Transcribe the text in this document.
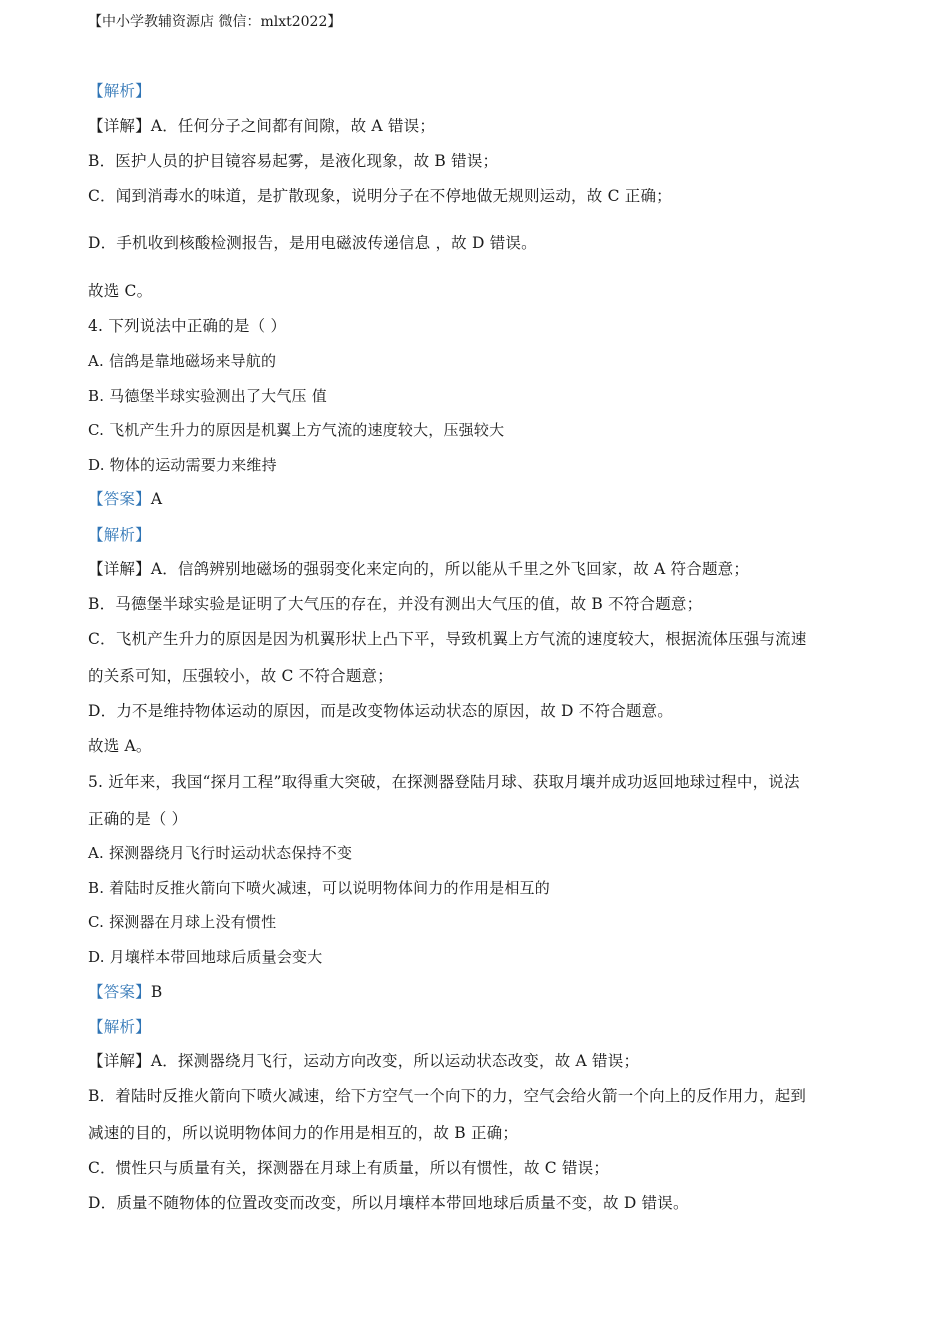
【中小学教辅资源店 微信：mlxt2022】
【解析】
【详解】A．任何分子之间都有间隙，故 A 错误；
B．医护人员的护目镜容易起雾，是液化现象，故 B 错误；
C．闻到消毒水的味道，是扩散现象，说明分子在不停地做无规则运动，故 C 正确；
D．手机收到核酸检测报告，是用电磁波传递信息 ，故 D 错误。
故选 C。
4. 下列说法中正确的是（ ）
A. 信鸽是靠地磁场来导航的
B. 马德堡半球实验测出了大气压 值
C. 飞机产生升力的原因是机翼上方气流的速度较大，压强较大
D. 物体的运动需要力来维持
【答案】A
【解析】
【详解】A．信鸽辨别地磁场的强弱变化来定向的，所以能从千里之外飞回家，故 A 符合题意；
B．马德堡半球实验是证明了大气压的存在，并没有测出大气压的值，故 B 不符合题意；
C．飞机产生升力的原因是因为机翼形状上凸下平，导致机翼上方气流的速度较大，根据流体压强与流速
的关系可知，压强较小，故 C 不符合题意；
D．力不是维持物体运动的原因，而是改变物体运动状态的原因，故 D 不符合题意。
故选 A。
5. 近年来，我国“探月工程”取得重大突破，在探测器登陆月球、获取月壤并成功返回地球过程中，说法
正确的是（ ）
A. 探测器绕月飞行时运动状态保持不变
B. 着陆时反推火箭向下喷火减速，可以说明物体间力的作用是相互的
C. 探测器在月球上没有惯性
D. 月壤样本带回地球后质量会变大
【答案】B
【解析】
【详解】A．探测器绕月飞行，运动方向改变，所以运动状态改变，故 A 错误；
B．着陆时反推火箭向下喷火减速，给下方空气一个向下的力，空气会给火箭一个向上的反作用力，起到
减速的目的，所以说明物体间力的作用是相互的，故 B 正确；
C．惯性只与质量有关，探测器在月球上有质量，所以有惯性，故 C 错误；
D．质量不随物体的位置改变而改变，所以月壤样本带回地球后质量不变，故 D 错误。
